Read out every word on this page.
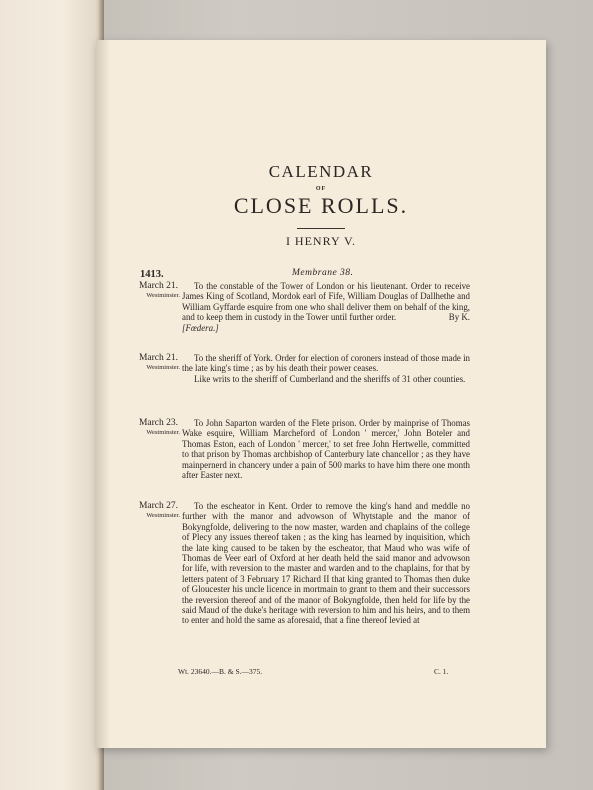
CALENDAR
OF
CLOSE ROLLS.
I HENRY V.
1413.	Membrane 38.
March 21.
Westminster.

To the constable of the Tower of London or his lieutenant. Order to receive James King of Scotland, Mordok earl of Fife, William Douglas of Dallhethe and William Gyffarde esquire from one who shall deliver them on behalf of the king, and to keep them in custody in the Tower until further order.	By K.

[Fœdera.]

March 21.
Westminster.

To the sheriff of York. Order for election of coroners instead of those made in the late king's time ; as by his death their power ceases.
Like writs to the sheriff of Cumberland and the sheriffs of 31 other counties.

March 23.
Westminster.

To John Saparton warden of the Flete prison. Order by mainprise of Thomas Wake esquire, William Marcheford of London ' mercer,' John Boteler and Thomas Eston, each of London ' mercer,' to set free John Hertwelle, committed to that prison by Thomas archbishop of Canterbury late chancellor ; as they have mainpernerd in chancery under a pain of 500 marks to have him there one month after Easter next.

March 27.
Westminster.

To the escheator in Kent. Order to remove the king's hand and meddle no further with the manor and advowson of Whytstaple and the manor of Bokyngfolde, delivering to the now master, warden and chaplains of the college of Plecy any issues thereof taken ; as the king has learned by inquisition, which the late king caused to be taken by the escheator, that Maud who was wife of Thomas de Veer earl of Oxford at her death held the said manor and advowson for life, with reversion to the master and warden and to the chaplains, for that by letters patent of 3 February 17 Richard II that king granted to Thomas then duke of Gloucester his uncle licence in mortmain to grant to them and their successors the reversion thereof and of the manor of Bokyngfolde, then held for life by the said Maud of the duke's heritage with reversion to him and his heirs, and to them to enter and hold the same as aforesaid, that a fine thereof levied at

Wt. 23640.—B. & S.—375.	C. 1.
